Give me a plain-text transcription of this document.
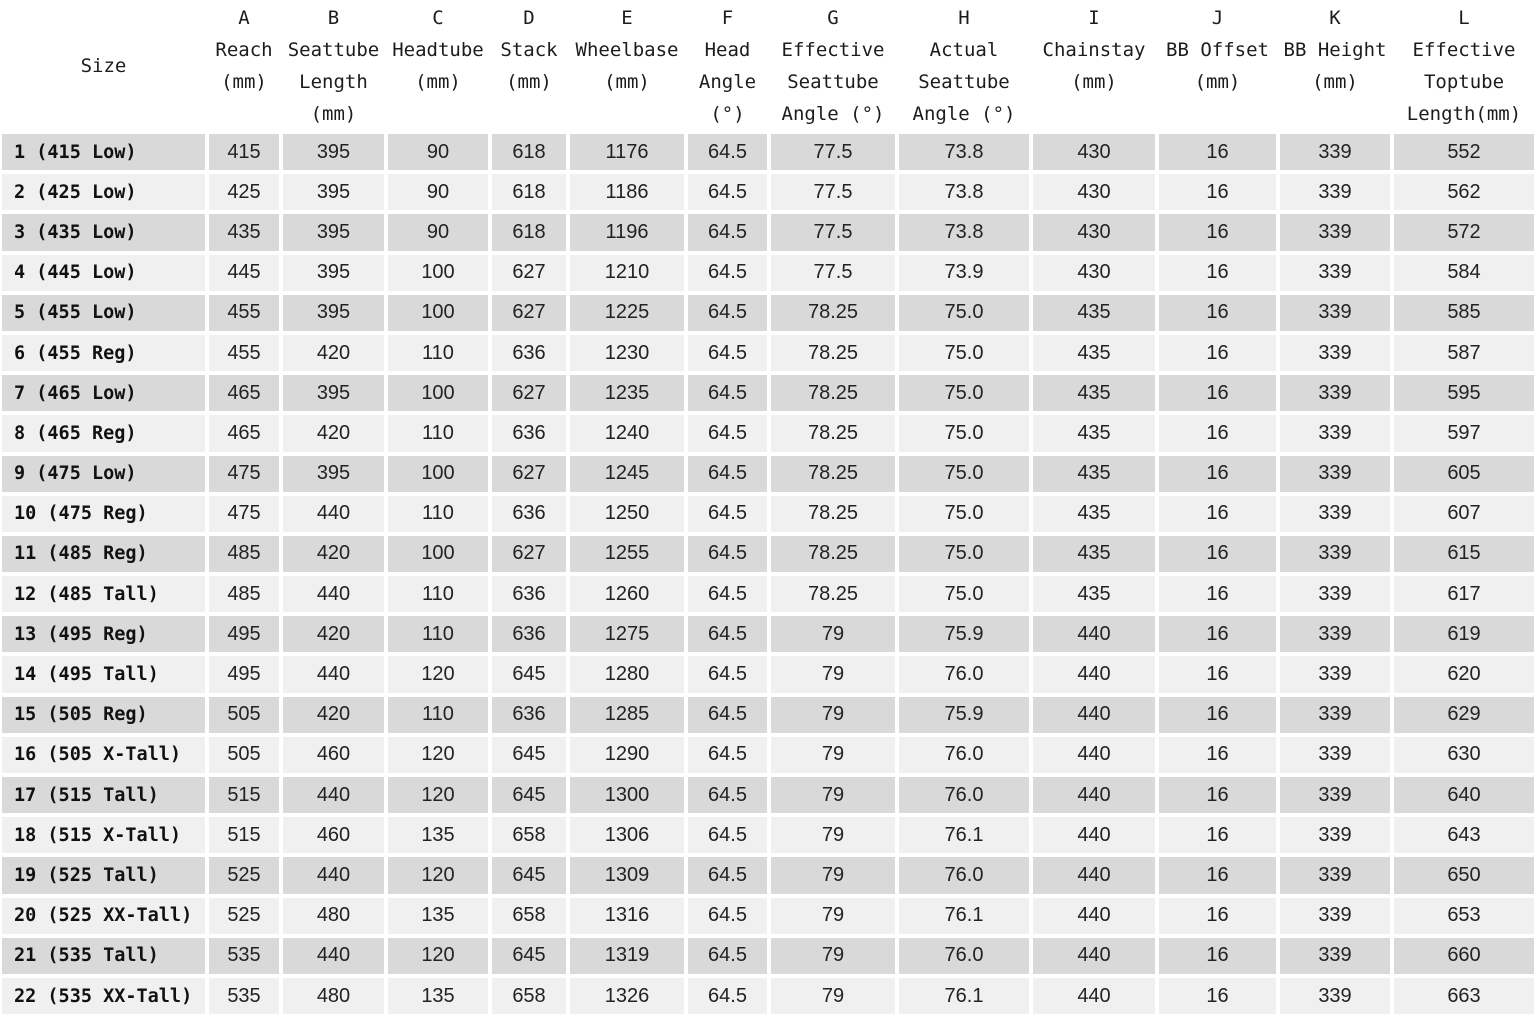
Size	A
Reach
(mm)	B
Seattube
Length
(mm)	C
Headtube
(mm)	D
Stack
(mm)	E
Wheelbase
(mm)	F
Head
Angle
(°)	G
Effective
Seattube
Angle (°)	H
Actual
Seattube
Angle (°)	I
Chainstay
(mm)	J
BB Offset
(mm)	K
BB Height
(mm)	L
Effective
Toptube
Length(mm)

1 (415 Low)	415	395	90	618	1176	64.5	77.5	73.8	430	16	339	552
2 (425 Low)	425	395	90	618	1186	64.5	77.5	73.8	430	16	339	562
3 (435 Low)	435	395	90	618	1196	64.5	77.5	73.8	430	16	339	572
4 (445 Low)	445	395	100	627	1210	64.5	77.5	73.9	430	16	339	584
5 (455 Low)	455	395	100	627	1225	64.5	78.25	75.0	435	16	339	585
6 (455 Reg)	455	420	110	636	1230	64.5	78.25	75.0	435	16	339	587
7 (465 Low)	465	395	100	627	1235	64.5	78.25	75.0	435	16	339	595
8 (465 Reg)	465	420	110	636	1240	64.5	78.25	75.0	435	16	339	597
9 (475 Low)	475	395	100	627	1245	64.5	78.25	75.0	435	16	339	605
10 (475 Reg)	475	440	110	636	1250	64.5	78.25	75.0	435	16	339	607
11 (485 Reg)	485	420	100	627	1255	64.5	78.25	75.0	435	16	339	615
12 (485 Tall)	485	440	110	636	1260	64.5	78.25	75.0	435	16	339	617
13 (495 Reg)	495	420	110	636	1275	64.5	79	75.9	440	16	339	619
14 (495 Tall)	495	440	120	645	1280	64.5	79	76.0	440	16	339	620
15 (505 Reg)	505	420	110	636	1285	64.5	79	75.9	440	16	339	629
16 (505 X-Tall)	505	460	120	645	1290	64.5	79	76.0	440	16	339	630
17 (515 Tall)	515	440	120	645	1300	64.5	79	76.0	440	16	339	640
18 (515 X-Tall)	515	460	135	658	1306	64.5	79	76.1	440	16	339	643
19 (525 Tall)	525	440	120	645	1309	64.5	79	76.0	440	16	339	650
20 (525 XX-Tall)	525	480	135	658	1316	64.5	79	76.1	440	16	339	653
21 (535 Tall)	535	440	120	645	1319	64.5	79	76.0	440	16	339	660
22 (535 XX-Tall)	535	480	135	658	1326	64.5	79	76.1	440	16	339	663
